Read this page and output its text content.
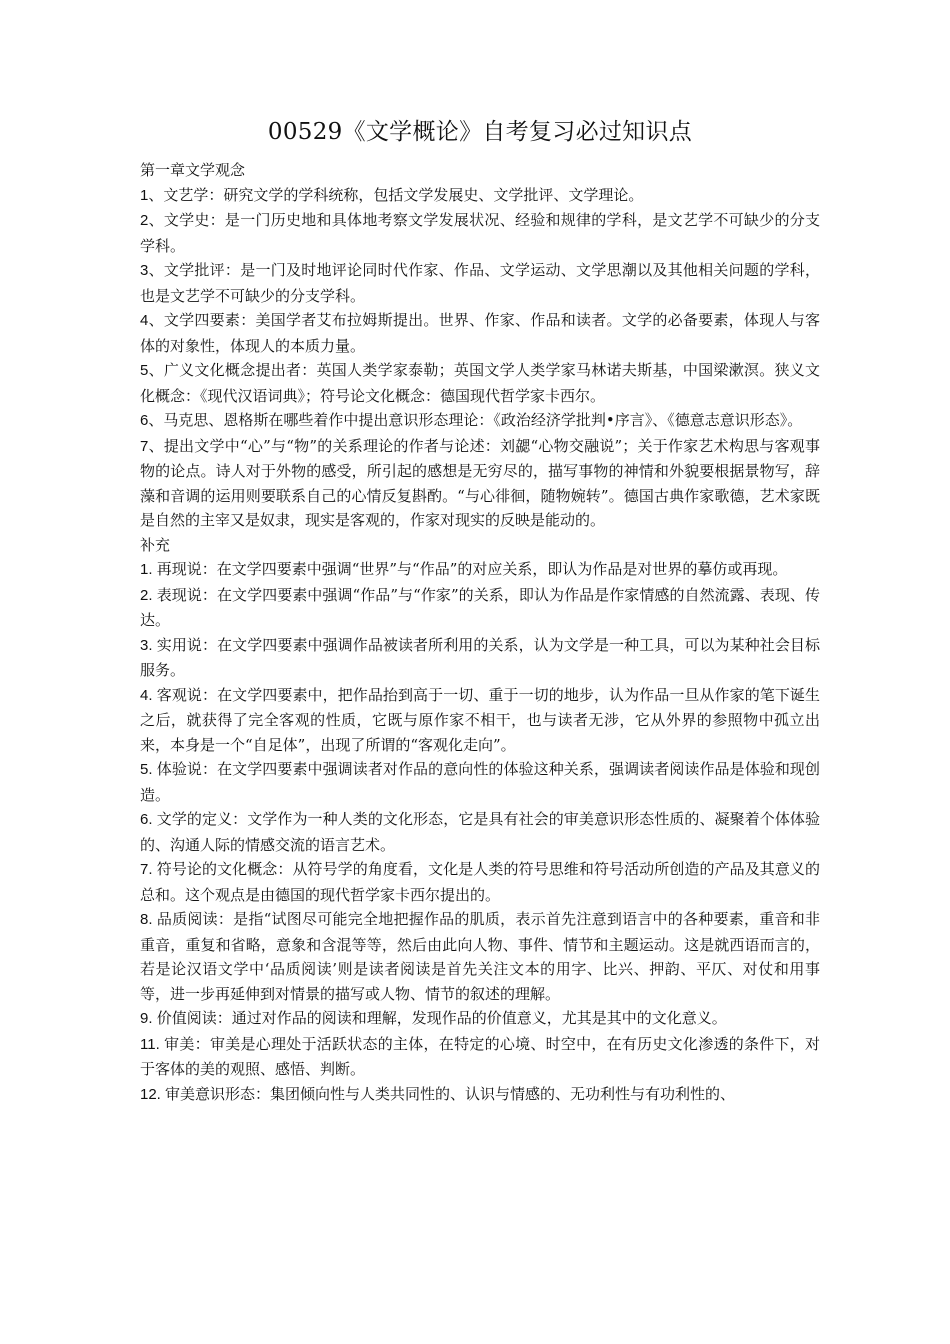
00529《文学概论》自考复习必过知识点

第一章文学观念

1、文艺学：研究文学的学科统称，包括文学发展史、文学批评、文学理论。

2、文学史：是一门历史地和具体地考察文学发展状况、经验和规律的学科，是文艺学不可缺少的分支学科。

3、文学批评：是一门及时地评论同时代作家、作品、文学运动、文学思潮以及其他相关问题的学科，也是文艺学不可缺少的分支学科。

4、文学四要素：美国学者艾布拉姆斯提出。世界、作家、作品和读者。文学的必备要素，体现人与客体的对象性，体现人的本质力量。

5、广义文化概念提出者：英国人类学家泰勒；英国文学人类学家马林诺夫斯基，中国梁漱溟。狭义文化概念：《现代汉语词典》；符号论文化概念：德国现代哲学家卡西尔。

6、马克思、恩格斯在哪些着作中提出意识形态理论：《政治经济学批判•序言》、《德意志意识形态》。

7、提出文学中“心”与“物”的关系理论的作者与论述：刘勰“心物交融说”；关于作家艺术构思与客观事物的论点。诗人对于外物的感受，所引起的感想是无穷尽的，描写事物的神情和外貌要根据景物写，辞藻和音调的运用则要联系自己的心情反复斟酌。“与心徘徊，随物婉转”。德国古典作家歌德，艺术家既是自然的主宰又是奴隶，现实是客观的，作家对现实的反映是能动的。

补充

1. 再现说：在文学四要素中强调“世界”与“作品”的对应关系，即认为作品是对世界的摹仿或再现。

2. 表现说：在文学四要素中强调“作品”与“作家”的关系，即认为作品是作家情感的自然流露、表现、传达。

3. 实用说：在文学四要素中强调作品被读者所利用的关系，认为文学是一种工具，可以为某种社会目标服务。

4. 客观说：在文学四要素中，把作品抬到高于一切、重于一切的地步，认为作品一旦从作家的笔下诞生之后，就获得了完全客观的性质，它既与原作家不相干，也与读者无涉，它从外界的参照物中孤立出来，本身是一个“自足体”，出现了所谓的“客观化走向”。

5. 体验说：在文学四要素中强调读者对作品的意向性的体验这种关系，强调读者阅读作品是体验和现创造。

6. 文学的定义：文学作为一种人类的文化形态，它是具有社会的审美意识形态性质的、凝聚着个体体验的、沟通人际的情感交流的语言艺术。

7. 符号论的文化概念：从符号学的角度看，文化是人类的符号思维和符号活动所创造的产品及其意义的总和。这个观点是由德国的现代哲学家卡西尔提出的。

8. 品质阅读：是指“试图尽可能完全地把握作品的肌质，表示首先注意到语言中的各种要素，重音和非重音，重复和省略，意象和含混等等，然后由此向人物、事件、情节和主题运动。这是就西语而言的，若是论汉语文学中‘品质阅读’则是读者阅读是首先关注文本的用字、比兴、押韵、平仄、对仗和用事等，进一步再延伸到对情景的描写或人物、情节的叙述的理解。

9. 价值阅读：通过对作品的阅读和理解，发现作品的价值意义，尤其是其中的文化意义。

11. 审美：审美是心理处于活跃状态的主体，在特定的心境、时空中，在有历史文化渗透的条件下，对于客体的美的观照、感悟、判断。

12. 审美意识形态：集团倾向性与人类共同性的、认识与情感的、无功利性与有功利性的、
